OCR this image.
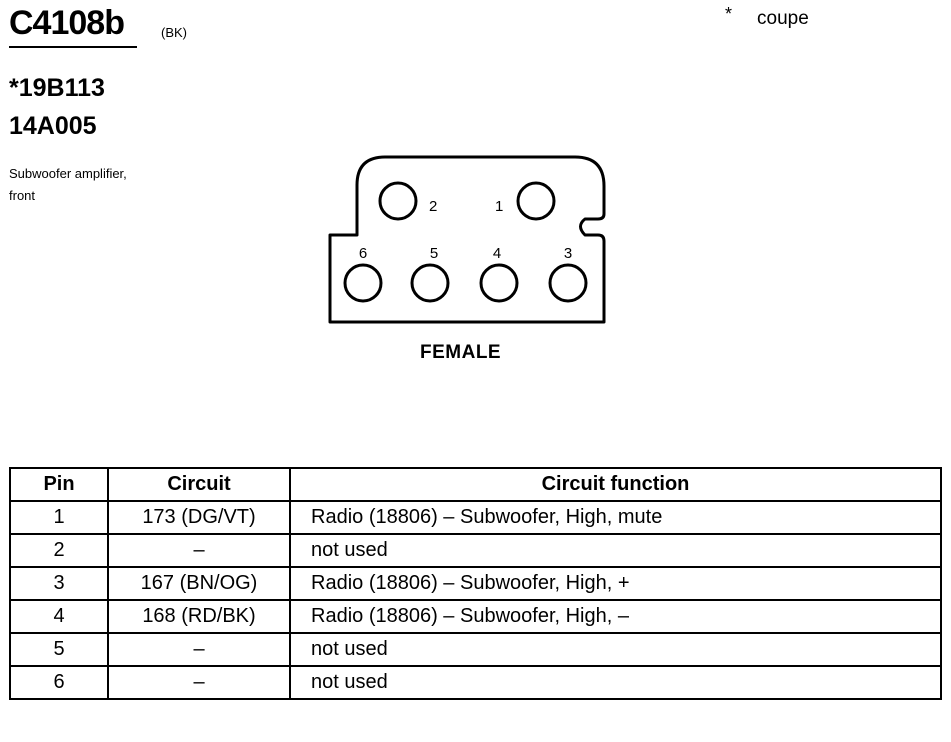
C4108b	(BK)
* coupe
*19B113
14A005
Subwoofer amplifier,
front
2	1
6	5	4	3
FEMALE
Pin	Circuit	Circuit function
1	173 (DG/VT)	Radio (18806) – Subwoofer, High, mute
2	–	not used
3	167 (BN/OG)	Radio (18806) – Subwoofer, High, +
4	168 (RD/BK)	Radio (18806) – Subwoofer, High, –
5	–	not used
6	–	not used
